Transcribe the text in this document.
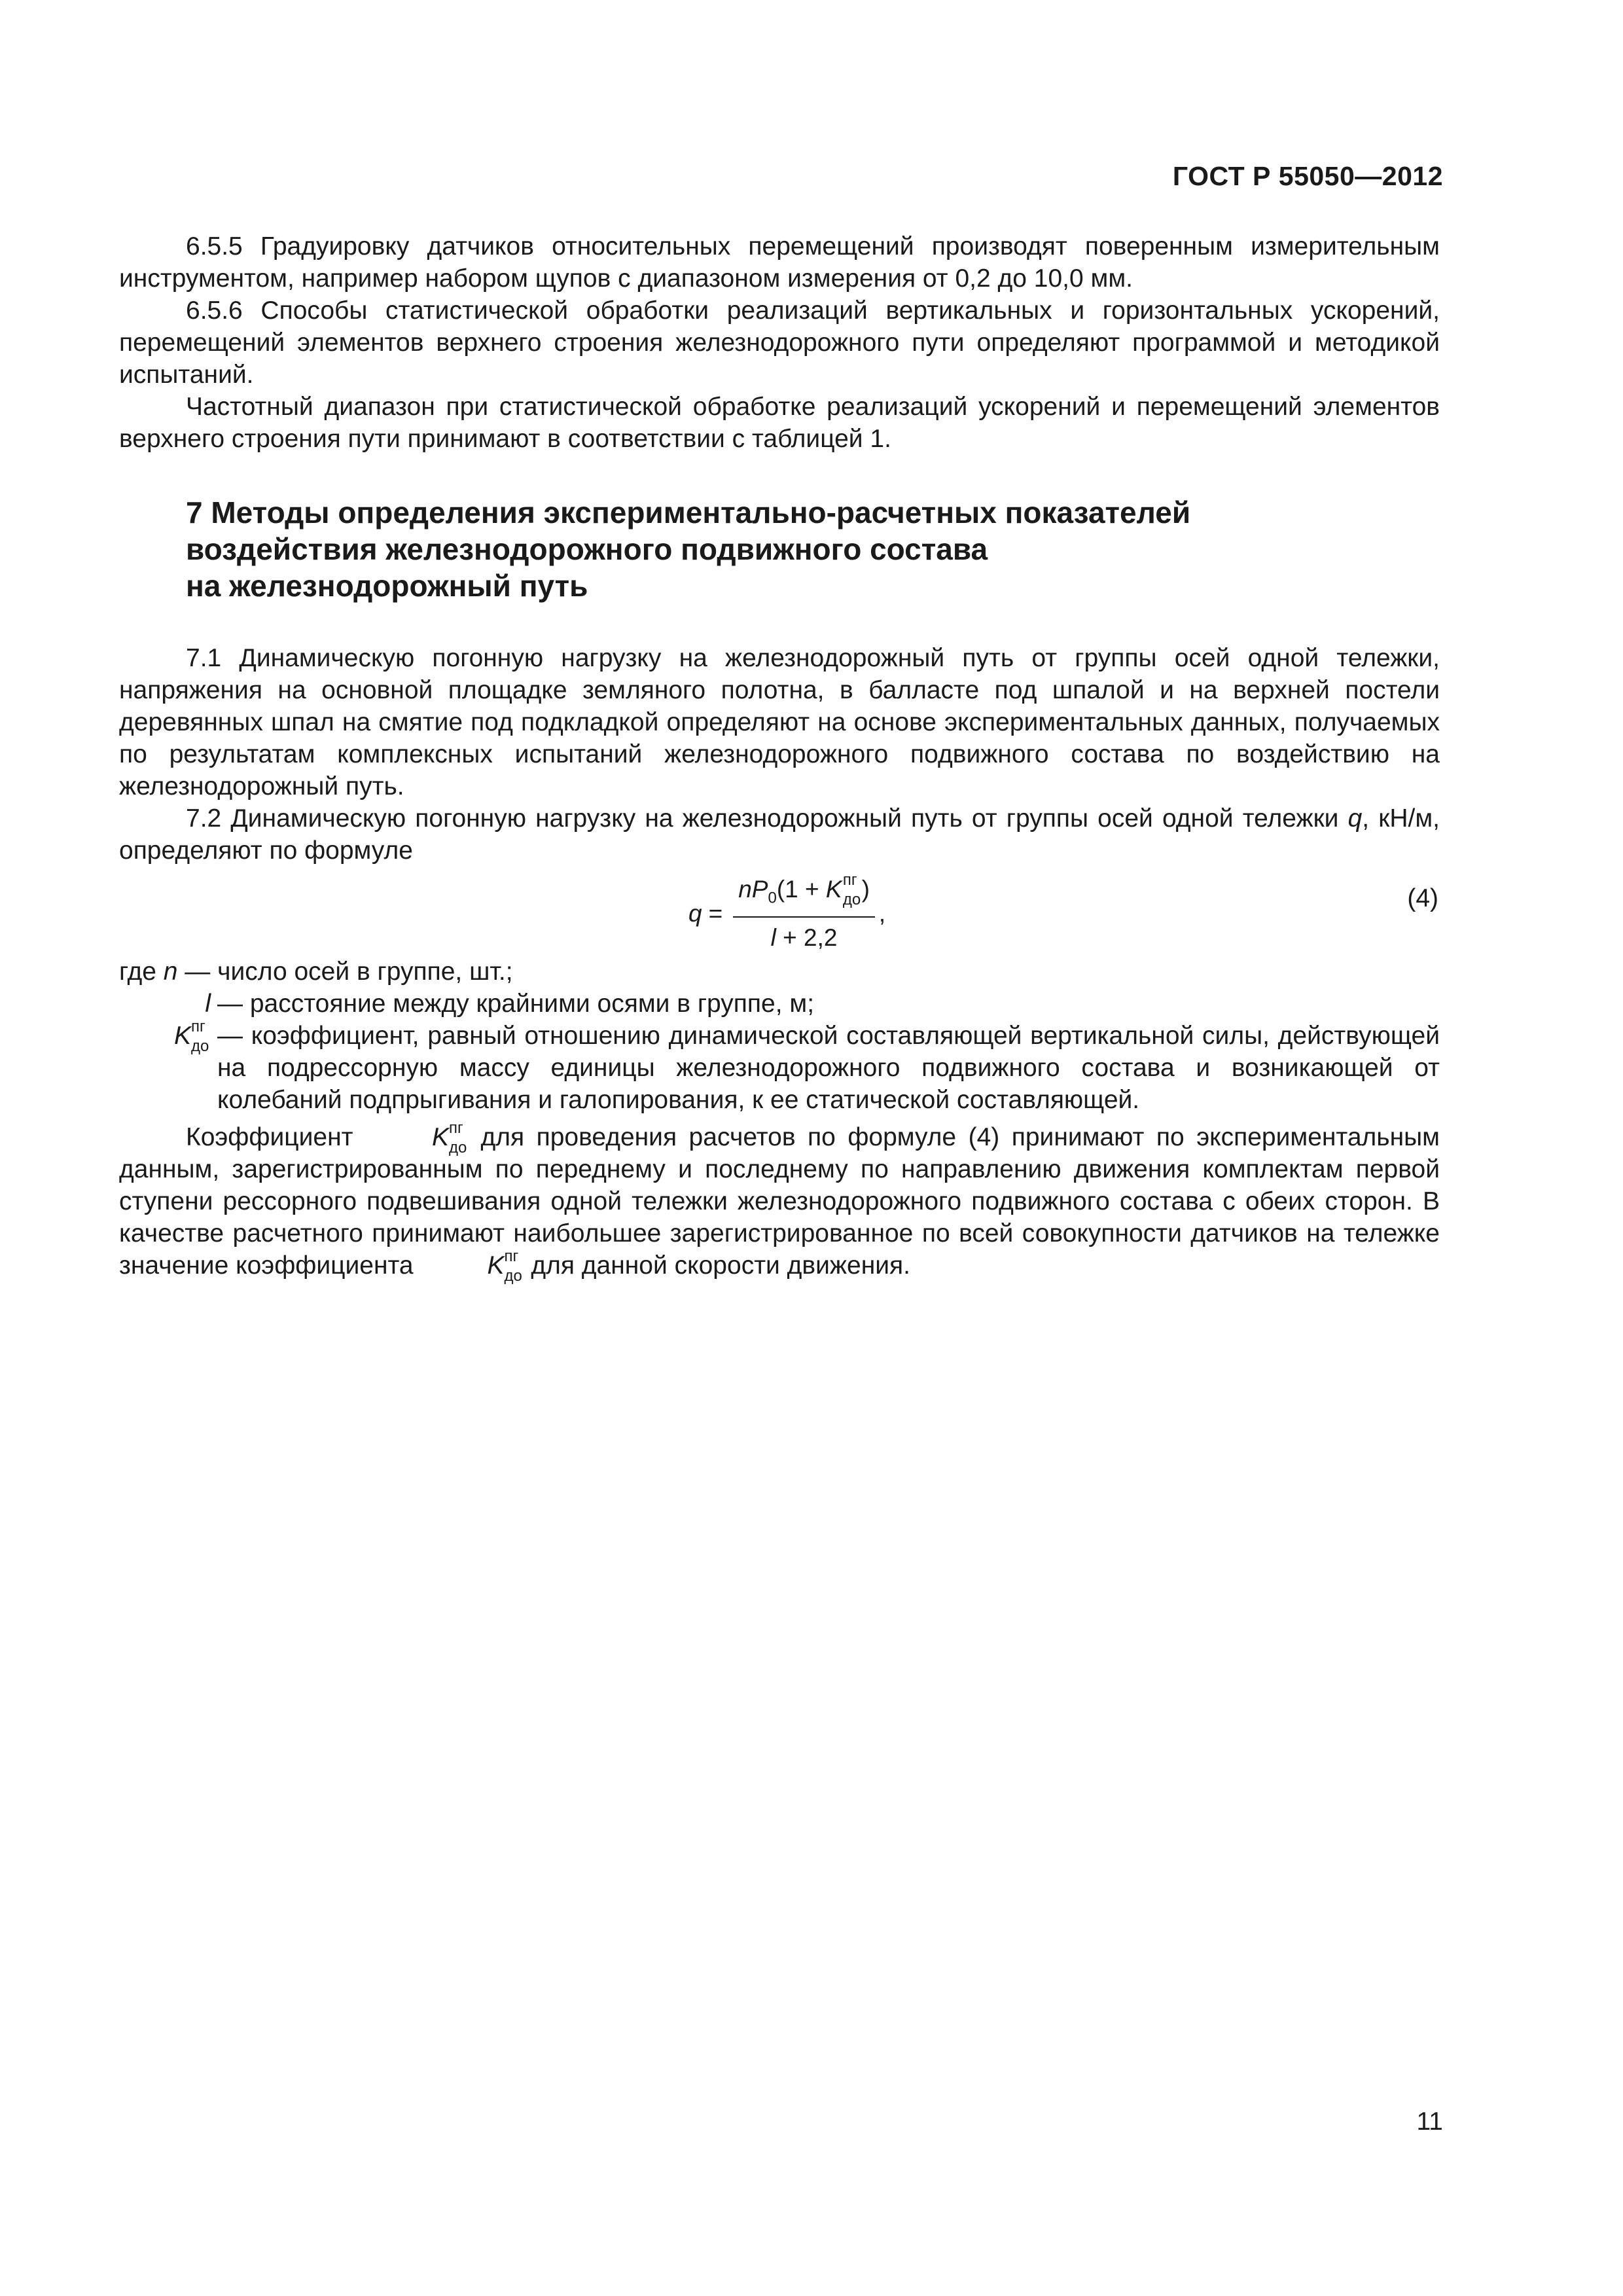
ГОСТ Р 55050—2012

6.5.5 Градуировку датчиков относительных перемещений производят поверенным измерительным инструментом, например набором щупов с диапазоном измерения от 0,2 до 10,0 мм.

6.5.6 Способы статистической обработки реализаций вертикальных и горизонтальных ускорений, перемещений элементов верхнего строения железнодорожного пути определяют программой и методикой испытаний.

Частотный диапазон при статистической обработке реализаций ускорений и перемещений элементов верхнего строения пути принимают в соответствии с таблицей 1.

7 Методы определения экспериментально-расчетных показателей
воздействия железнодорожного подвижного состава
на железнодорожный путь

7.1 Динамическую погонную нагрузку на железнодорожный путь от группы осей одной тележки, напряжения на основной площадке земляного полотна, в балласте под шпалой и на верхней постели деревянных шпал на смятие под подкладкой определяют на основе экспериментальных данных, получаемых по результатам комплексных испытаний железнодорожного подвижного состава по воздействию на железнодорожный путь.

7.2 Динамическую погонную нагрузку на железнодорожный путь от группы осей одной тележки q, кН/м, определяют по формуле

$q = nP_0(1 + K$ пг
до )
l + 2,2 ,
(4)
где n — число осей в группе, шт.;
l — расстояние между крайними осями в группе, м;
K пг
до — коэффициент, равный отношению динамической составляющей вертикальной силы, действующей на подрессорную массу единицы железнодорожного подвижного состава и возникающей от колебаний подпрыгивания и галопирования, к ее статической составляющей.

Коэффициент	K пг
до для проведения расчетов по формуле (4) принимают по экспериментальным данным, зарегистрированным по переднему и последнему по направлению движения комплектам первой ступени рессорного подвешивания одной тележки железнодорожного подвижного состава с обеих сторон. В качестве расчетного принимают наибольшее зарегистрированное по всей совокупности датчиков на тележке значение коэффициента	K пг
до для данной скорости движения.

11
